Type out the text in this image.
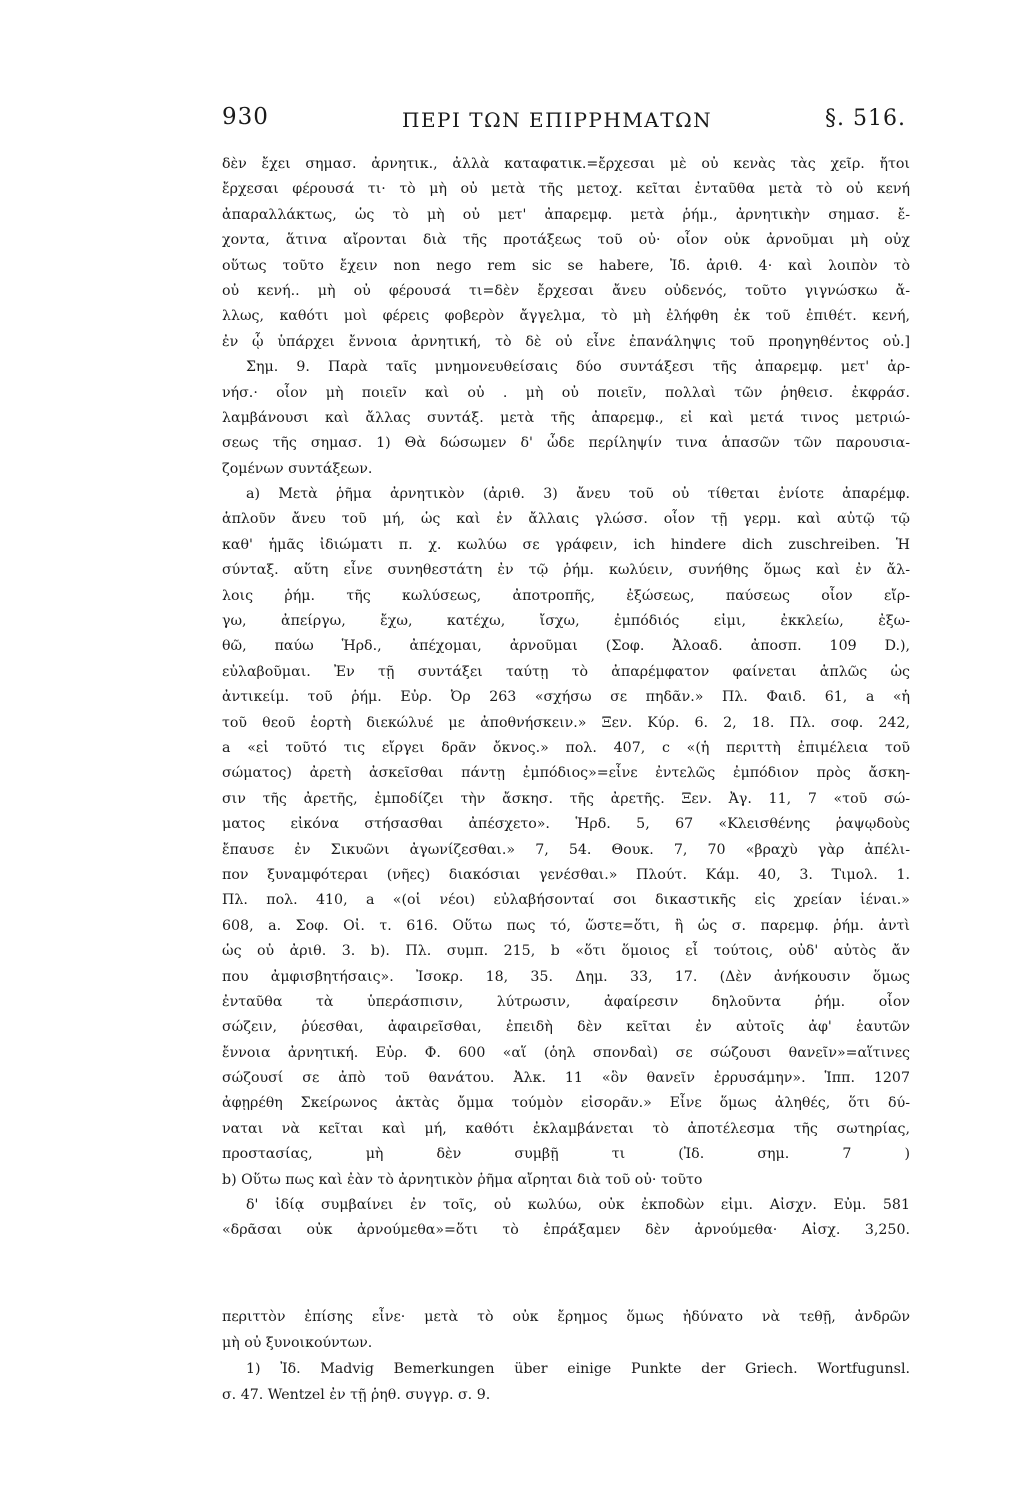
930	ΠΕΡΙ ΤΩΝ ΕΠΙΡΡΗΜΑΤΩΝ	§. 516.
δὲν ἔχει σημασ. ἀρνητικ., ἀλλὰ καταφατικ.=ἔρχεσαι μὲ οὐ κενὰς τὰς χεῖρ. ἤτοι
ἔρχεσαι φέρουσά τι· τὸ μὴ οὐ μετὰ τῆς μετοχ. κεῖται ἐνταῦθα μετὰ τὸ οὐ κενή
ἀπαραλλάκτως, ὡς τὸ μὴ οὐ μετ' ἀπαρεμφ. μετὰ ῥήμ., ἀρνητικὴν σημασ. ἔ-
χοντα, ἅτινα αἴρονται διὰ τῆς προτάξεως τοῦ οὐ· οἷον οὐκ ἀρνοῦμαι μὴ οὐχ
οὕτως τοῦτο ἔχειν non nego rem sic se habere, Ἰδ. ἀριθ. 4· καὶ λοιπὸν τὸ
οὐ κενή.. μὴ οὐ φέρουσά τι=δὲν ἔρχεσαι ἄνευ οὐδενός, τοῦτο γιγνώσκω ἄ-
λλως, καθότι μοὶ φέρεις φοβερὸν ἄγγελμα, τὸ μὴ ἐλήφθη ἐκ τοῦ ἐπιθέτ. κενή,
ἐν ᾧ ὑπάρχει ἔννοια ἀρνητική, τὸ δὲ οὐ εἶνε ἐπανάληψις τοῦ προηγηθέντος οὐ.]
Σημ. 9. Παρὰ ταῖς μνημονευθείσαις δύο συντάξεσι τῆς ἀπαρεμφ. μετ' ἀρ-
νήσ.· οἷον μὴ ποιεῖν καὶ οὐ . μὴ οὐ ποιεῖν, πολλαὶ τῶν ῥηθεισ. ἐκφράσ.
λαμβάνουσι καὶ ἄλλας συντάξ. μετὰ τῆς ἀπαρεμφ., εἰ καὶ μετά τινος μετριώ-
σεως τῆς σημασ. 1) Θὰ δώσωμεν δ' ὧδε περίληψίν τινα ἁπασῶν τῶν παρουσια-
ζομένων συντάξεων.
a) Μετὰ ῥῆμα ἀρνητικὸν (ἀριθ. 3) ἄνευ τοῦ οὐ τίθεται ἐνίοτε ἀπαρέμφ.
ἁπλοῦν ἄνευ τοῦ μή, ὡς καὶ ἐν ἄλλαις γλώσσ. οἷον τῇ γερμ. καὶ αὐτῷ τῷ
καθ' ἡμᾶς ἰδιώματι π. χ. κωλύω σε γράφειν, ich hindere dich zuschreiben. Ἡ
σύνταξ. αὕτη εἶνε συνηθεστάτη ἐν τῷ ῥήμ. κωλύειν, συνήθης ὅμως καὶ ἐν ἄλ-
λοις ῥήμ. τῆς κωλύσεως, ἀποτροπῆς, ἐξώσεως, παύσεως οἷον εἴρ-
γω, ἀπείργω, ἔχω, κατέχω, ἴσχω, ἐμπόδιός εἰμι, ἐκκλείω, ἐξω-
θῶ, παύω Ἡρδ., ἀπέχομαι, ἀρνοῦμαι (Σοφ. Ἀλοαδ. ἀποσπ. 109 D.),
εὐλαβοῦμαι. Ἐν τῇ συντάξει ταύτῃ τὸ ἀπαρέμφατον φαίνεται ἁπλῶς ὡς
ἀντικείμ. τοῦ ῥήμ. Εὐρ. Ὀρ 263 «σχήσω σε πηδᾶν.» Πλ. Φαιδ. 61, a «ἡ
τοῦ θεοῦ ἑορτὴ διεκώλυέ με ἀποθνήσκειν.» Ξεν. Κύρ. 6. 2, 18. Πλ. σοφ. 242,
a «εἰ τοῦτό τις εἴργει δρᾶν ὄκνος.» πολ. 407, c «(ἡ περιττὴ ἐπιμέλεια τοῦ
σώματος) ἀρετὴ ἀσκεῖσθαι πάντῃ ἐμπόδιος»=εἶνε ἐντελῶς ἐμπόδιον πρὸς ἄσκη-
σιν τῆς ἀρετῆς, ἐμποδίζει τὴν ἄσκησ. τῆς ἀρετῆς. Ξεν. Ἀγ. 11, 7 «τοῦ σώ-
ματος εἰκόνα στήσασθαι ἀπέσχετο». Ἡρδ. 5, 67 «Κλεισθένης ῥαψῳδοὺς
ἔπαυσε ἐν Σικυῶνι ἀγωνίζεσθαι.» 7, 54. Θουκ. 7, 70 «βραχὺ γὰρ ἀπέλι-
πον ξυναμφότεραι (νῆες) διακόσιαι γενέσθαι.» Πλούτ. Κάμ. 40, 3. Τιμολ. 1.
Πλ. πολ. 410, a «(οἱ νέοι) εὐλαβήσονταί σοι δικαστικῆς εἰς χρείαν ἰέναι.»
608, a. Σοφ. Οἰ. τ. 616. Οὕτω πως τό, ὥστε=ὅτι, ἢ ὡς σ. παρεμφ. ῥήμ. ἀντὶ
ὡς οὐ ἀριθ. 3. b). Πλ. συμπ. 215, b «ὅτι ὅμοιος εἶ τούτοις, οὐδ' αὐτὸς ἄν
που ἀμφισβητήσαις». Ἰσοκρ. 18, 35. Δημ. 33, 17. (Δὲν ἀνήκουσιν ὅμως
ἐνταῦθα τὰ ὑπεράσπισιν, λύτρωσιν, ἀφαίρεσιν δηλοῦντα ῥήμ. οἷον
σώζειν, ῥύεσθαι, ἀφαιρεῖσθαι, ἐπειδὴ δὲν κεῖται ἐν αὐτοῖς ἀφ' ἑαυτῶν
ἔννοια ἀρνητική. Εὐρ. Φ. 600 «αἵ (ὁηλ σπονδαὶ) σε σώζουσι θανεῖν»=αἵτινες
σώζουσί σε ἀπὸ τοῦ θανάτου. Ἀλκ. 11 «ὃν θανεῖν ἐρρυσάμην». Ἱππ. 1207
ἀφῃρέθη Σκείρωνος ἀκτὰς ὄμμα τούμὸν εἰσορᾶν.» Εἶνε ὅμως ἀληθές, ὅτι δύ-
ναται νὰ κεῖται καὶ μή, καθότι ἐκλαμβάνεται τὸ ἀποτέλεσμα τῆς σωτηρίας,
προστασίας, μὴ δὲν συμβῇ τι (Ἰδ. σημ. 7 )
b) Οὕτω πως καὶ ἐὰν τὸ ἀρνητικὸν ῥῆμα αἴρηται διὰ τοῦ οὐ· τοῦτο
δ' ἰδίᾳ συμβαίνει ἐν τοῖς, οὐ κωλύω, οὐκ ἐκποδὼν εἰμι. Αἰσχν. Εὐμ. 581
«δρᾶσαι οὐκ ἀρνούμεθα»=ὅτι τὸ ἐπράξαμεν δὲν ἀρνούμεθα· Αἰσχ. 3,250.
περιττὸν ἐπίσης εἶνε· μετὰ τὸ οὐκ ἔρημος ὅμως ἠδύνατο νὰ τεθῇ, ἀνδρῶν
μὴ οὐ ξυνοικούντων.
1) Ἰδ. Madvig Bemerkungen über einige Punkte der Griech. Wortfugunsl.
σ. 47. Wentzel ἐν τῇ ῥηθ. συγγρ. σ. 9.
